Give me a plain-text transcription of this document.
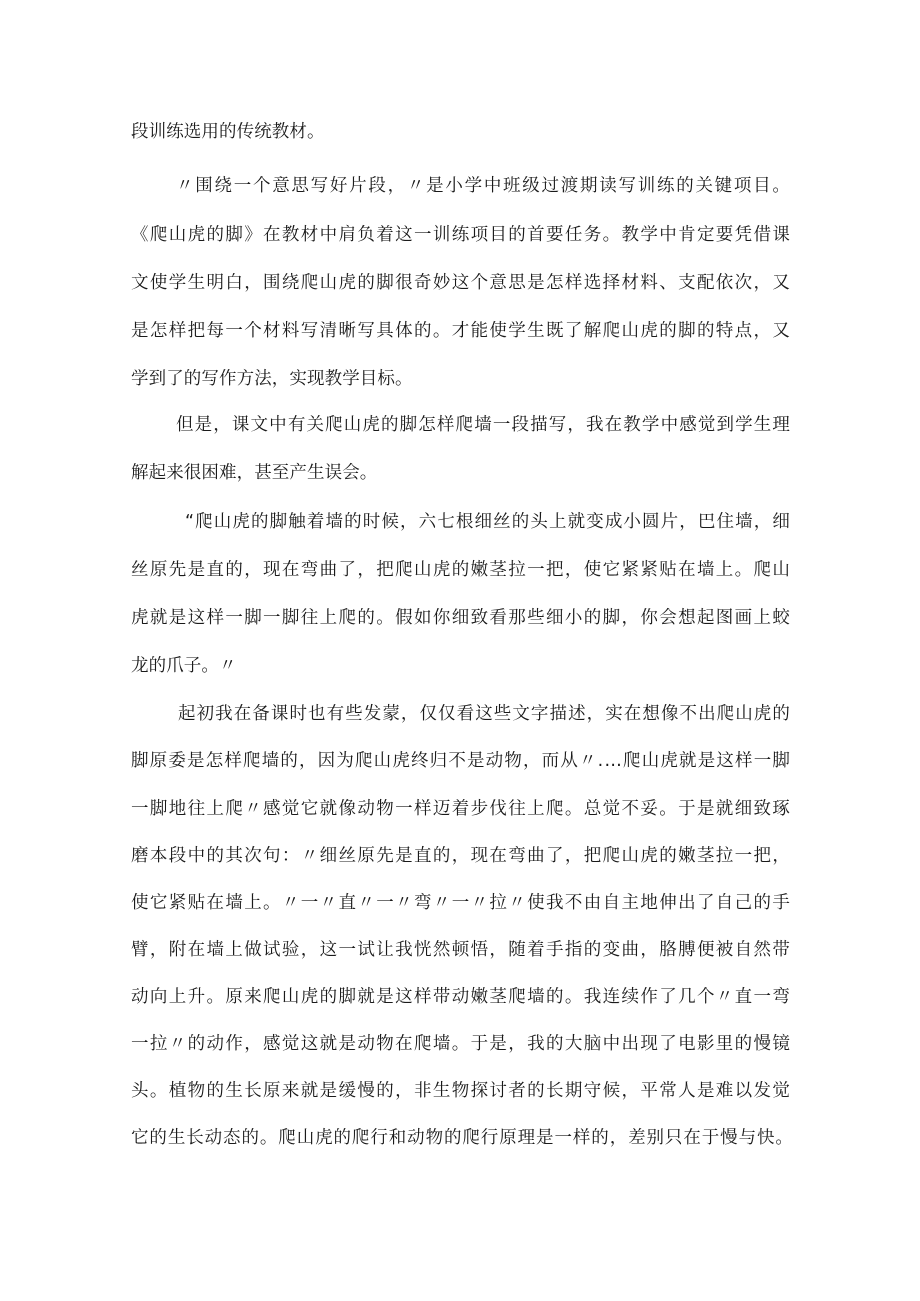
段训练选用的传统教材。
〃围绕一个意思写好片段，〃是小学中班级过渡期读写训练的关键项目。
《爬山虎的脚》在教材中肩负着这一训练项目的首要任务。教学中肯定要凭借课
文使学生明白，围绕爬山虎的脚很奇妙这个意思是怎样选择材料、支配依次，又
是怎样把每一个材料写清晰写具体的。才能使学生既了解爬山虎的脚的特点，又
学到了的写作方法，实现教学目标。
但是，课文中有关爬山虎的脚怎样爬墙一段描写，我在教学中感觉到学生理
解起来很困难，甚至产生误会。
“爬山虎的脚触着墙的时候，六七根细丝的头上就变成小圆片，巴住墙，细
丝原先是直的，现在弯曲了，把爬山虎的嫩茎拉一把，使它紧紧贴在墙上。爬山
虎就是这样一脚一脚往上爬的。假如你细致看那些细小的脚，你会想起图画上蛟
龙的爪子。〃
起初我在备课时也有些发蒙，仅仅看这些文字描述，实在想像不出爬山虎的
脚原委是怎样爬墙的，因为爬山虎终归不是动物，而从〃.…爬山虎就是这样一脚
一脚地往上爬〃感觉它就像动物一样迈着步伐往上爬。总觉不妥。于是就细致琢
磨本段中的其次句：〃细丝原先是直的，现在弯曲了，把爬山虎的嫩茎拉一把，
使它紧贴在墙上。〃一〃直〃一〃弯〃一〃拉〃使我不由自主地伸出了自己的手
臂，附在墙上做试验，这一试让我恍然顿悟，随着手指的变曲，胳膊便被自然带
动向上升。原来爬山虎的脚就是这样带动嫩茎爬墙的。我连续作了几个〃直一弯
一拉〃的动作，感觉这就是动物在爬墙。于是，我的大脑中出现了电影里的慢镜
头。植物的生长原来就是缓慢的，非生物探讨者的长期守候，平常人是难以发觉
它的生长动态的。爬山虎的爬行和动物的爬行原理是一样的，差别只在于慢与快。
